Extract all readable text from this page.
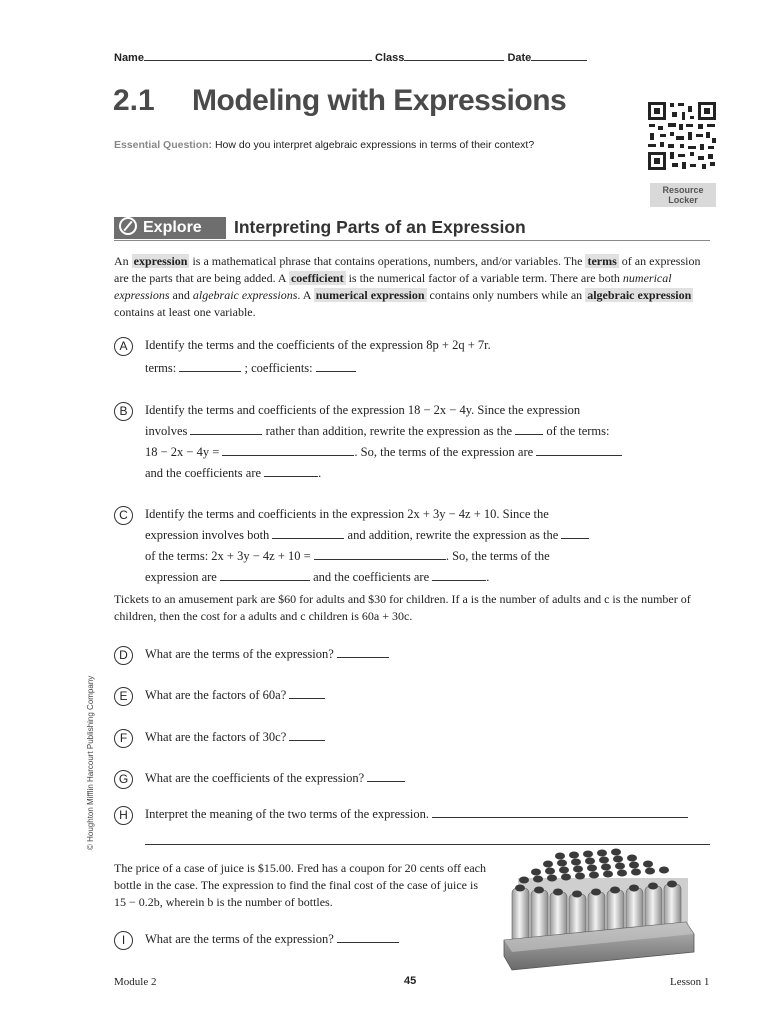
Name	Class	Date
2.1 Modeling with Expressions
Essential Question: How do you interpret algebraic expressions in terms of their context?
Resource Locker
Explore	Interpreting Parts of an Expression
An expression is a mathematical phrase that contains operations, numbers, and/or variables. The terms of an expression are the parts that are being added. A coefficient is the numerical factor of a variable term. There are both numerical expressions and algebraic expressions. A numerical expression contains only numbers while an algebraic expression contains at least one variable.
A	Identify the terms and the coefficients of the expression 8p + 2q + 7r.
terms:	; coefficients:
B	Identify the terms and coefficients of the expression 18 − 2x − 4y. Since the expression
involves	rather than addition, rewrite the expression as the	of the terms:
18 − 2x − 4y =	. So, the terms of the expression are
and the coefficients are	.
C	Identify the terms and coefficients in the expression 2x + 3y − 4z + 10. Since the
expression involves both	and addition, rewrite the expression as the
of the terms: 2x + 3y − 4z + 10 =	. So, the terms of the
expression are	and the coefficients are	.
Tickets to an amusement park are $60 for adults and $30 for children. If a is the number of adults and c is the number of children, then the cost for a adults and c children is 60a + 30c.
D	What are the terms of the expression?
E	What are the factors of 60a?
F	What are the factors of 30c?
G	What are the coefficients of the expression?
H	Interpret the meaning of the two terms of the expression.
The price of a case of juice is $15.00. Fred has a coupon for 20 cents off each bottle in the case. The expression to find the final cost of the case of juice is 15 − 0.2b, wherein b is the number of bottles.
I	What are the terms of the expression?
© Houghton Mifflin Harcourt Publishing Company
Module 2	45	Lesson 1
